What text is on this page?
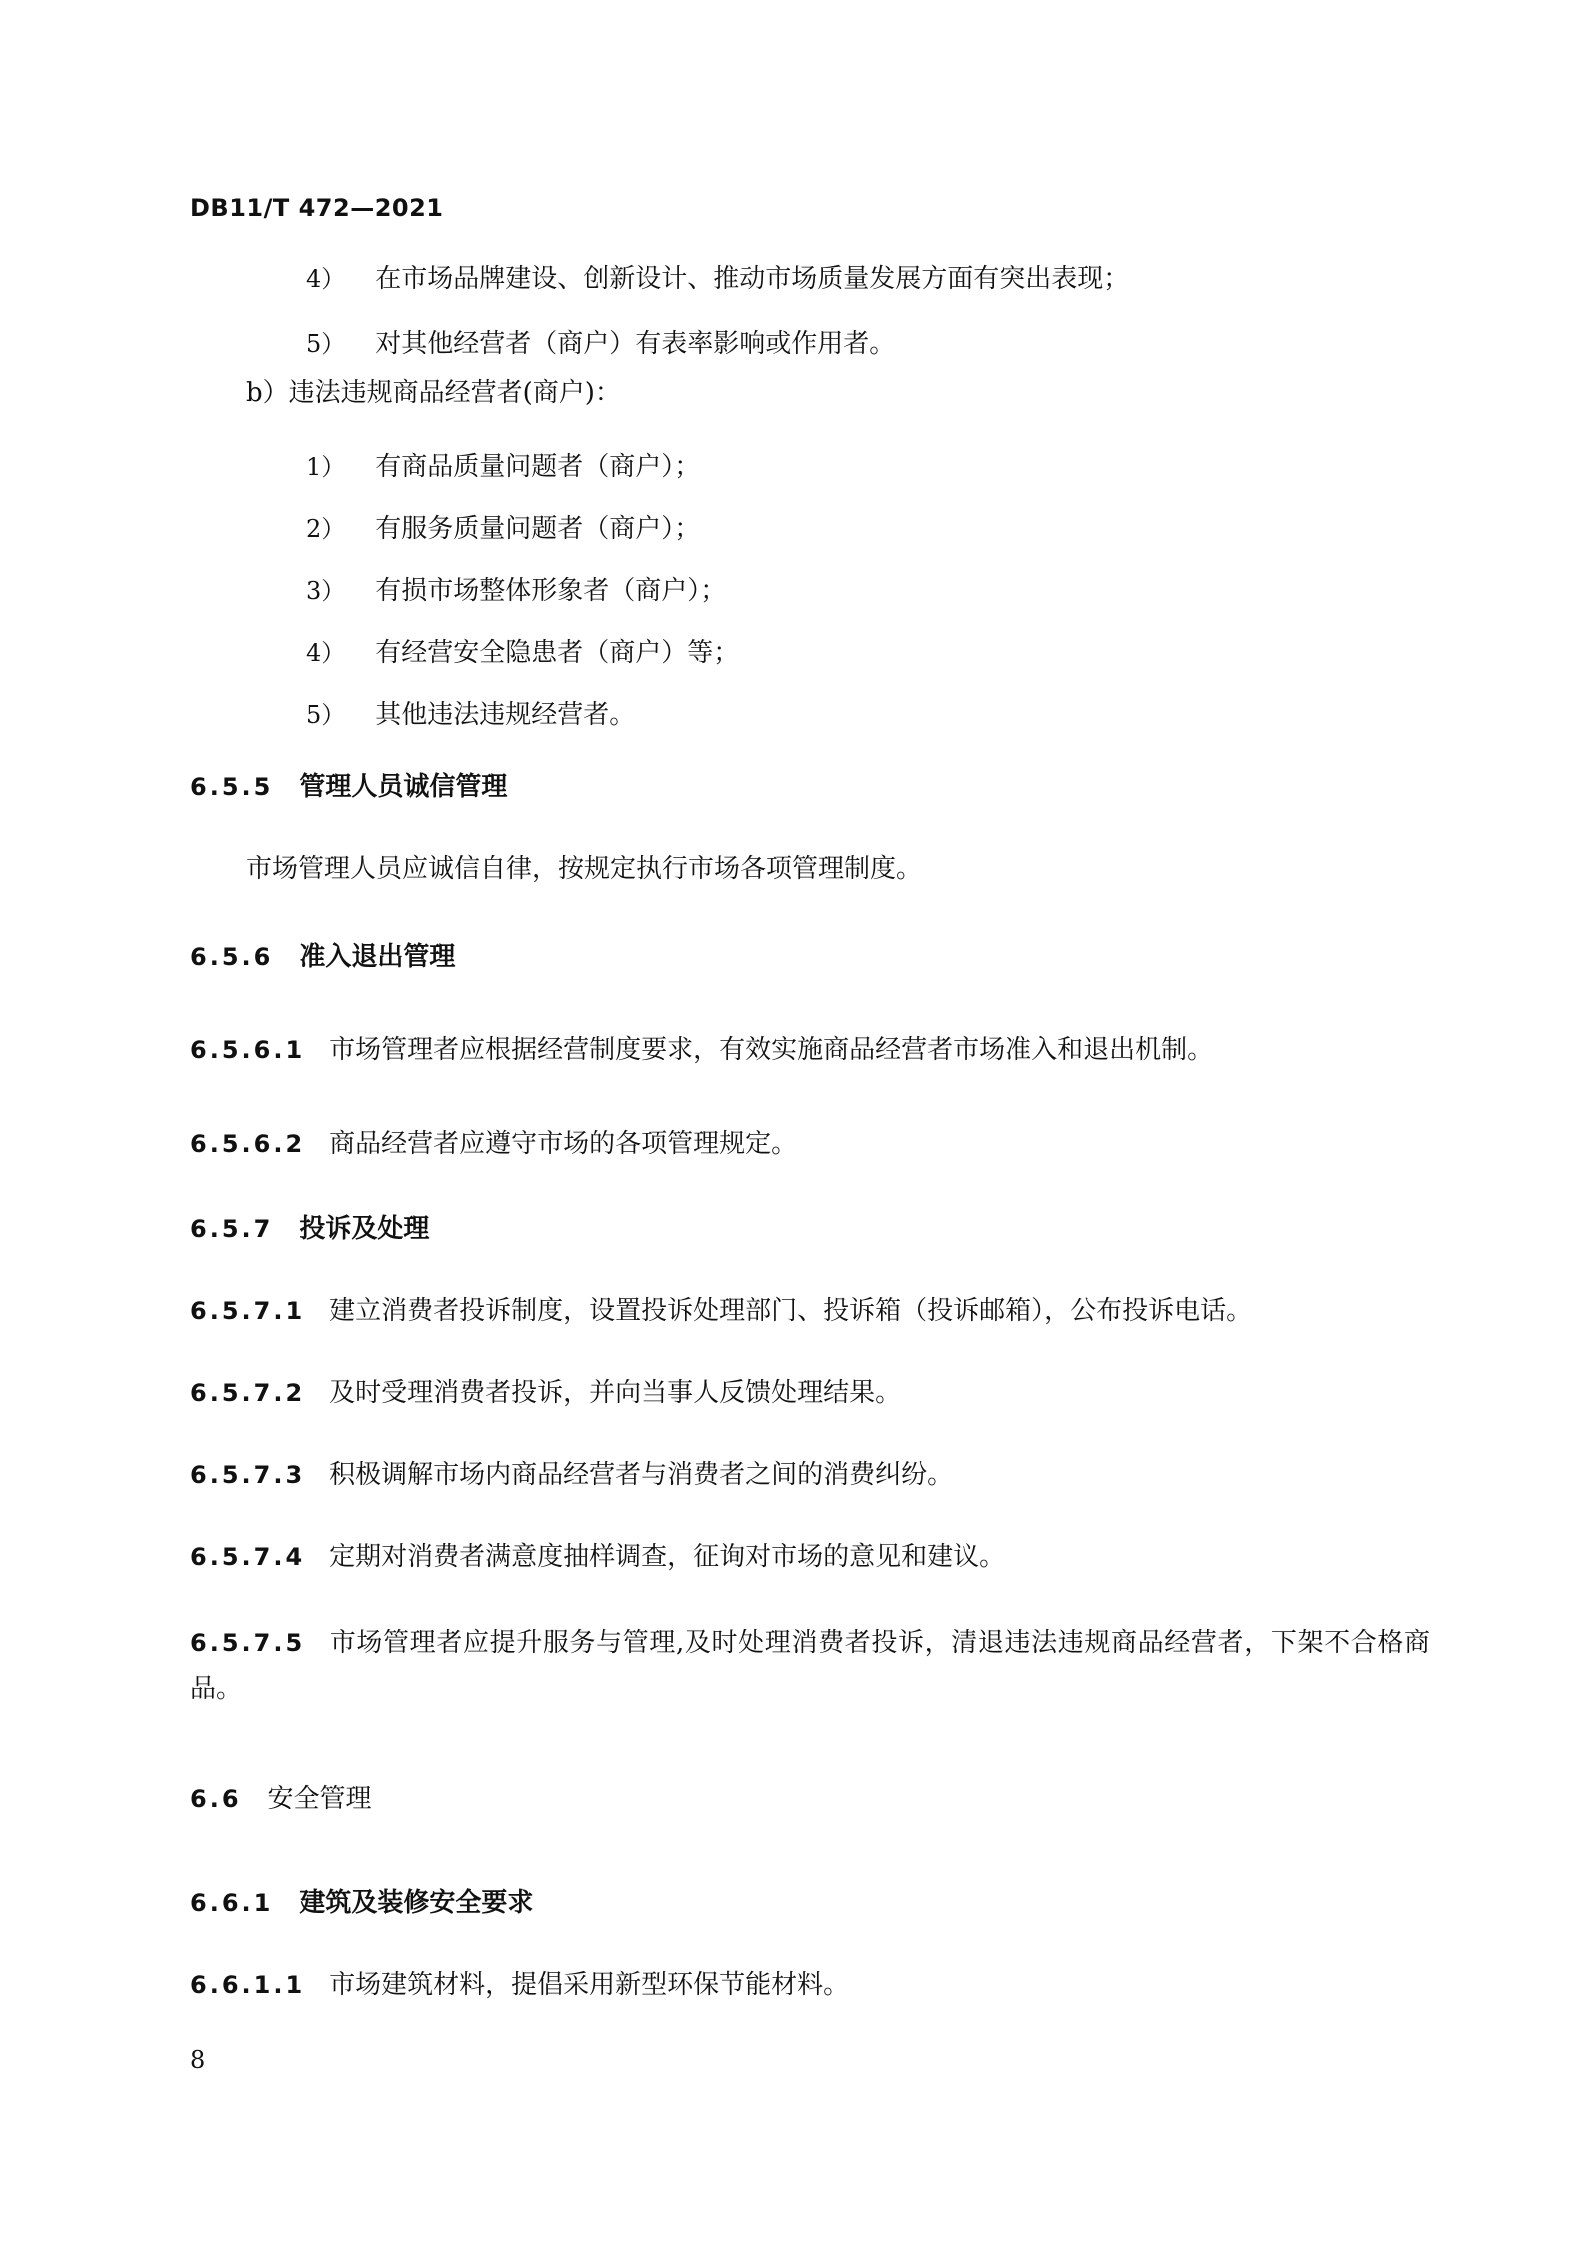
DB11/T 472—2021
4） 在市场品牌建设、创新设计、推动市场质量发展方面有突出表现；
5） 对其他经营者（商户）有表率影响或作用者。
b）违法违规商品经营者(商户)：
1） 有商品质量问题者（商户）；
2） 有服务质量问题者（商户）；
3） 有损市场整体形象者（商户）；
4） 有经营安全隐患者（商户）等；
5） 其他违法违规经营者。
6.5.5 管理人员诚信管理
市场管理人员应诚信自律，按规定执行市场各项管理制度。
6.5.6 准入退出管理
6.5.6.1 市场管理者应根据经营制度要求，有效实施商品经营者市场准入和退出机制。
6.5.6.2 商品经营者应遵守市场的各项管理规定。
6.5.7 投诉及处理
6.5.7.1 建立消费者投诉制度，设置投诉处理部门、投诉箱（投诉邮箱），公布投诉电话。
6.5.7.2 及时受理消费者投诉，并向当事人反馈处理结果。
6.5.7.3 积极调解市场内商品经营者与消费者之间的消费纠纷。
6.5.7.4 定期对消费者满意度抽样调查，征询对市场的意见和建议。
6.5.7.5 市场管理者应提升服务与管理,及时处理消费者投诉，清退违法违规商品经营者，下架不合格商品。
6.6 安全管理
6.6.1 建筑及装修安全要求
6.6.1.1 市场建筑材料，提倡采用新型环保节能材料。
8
